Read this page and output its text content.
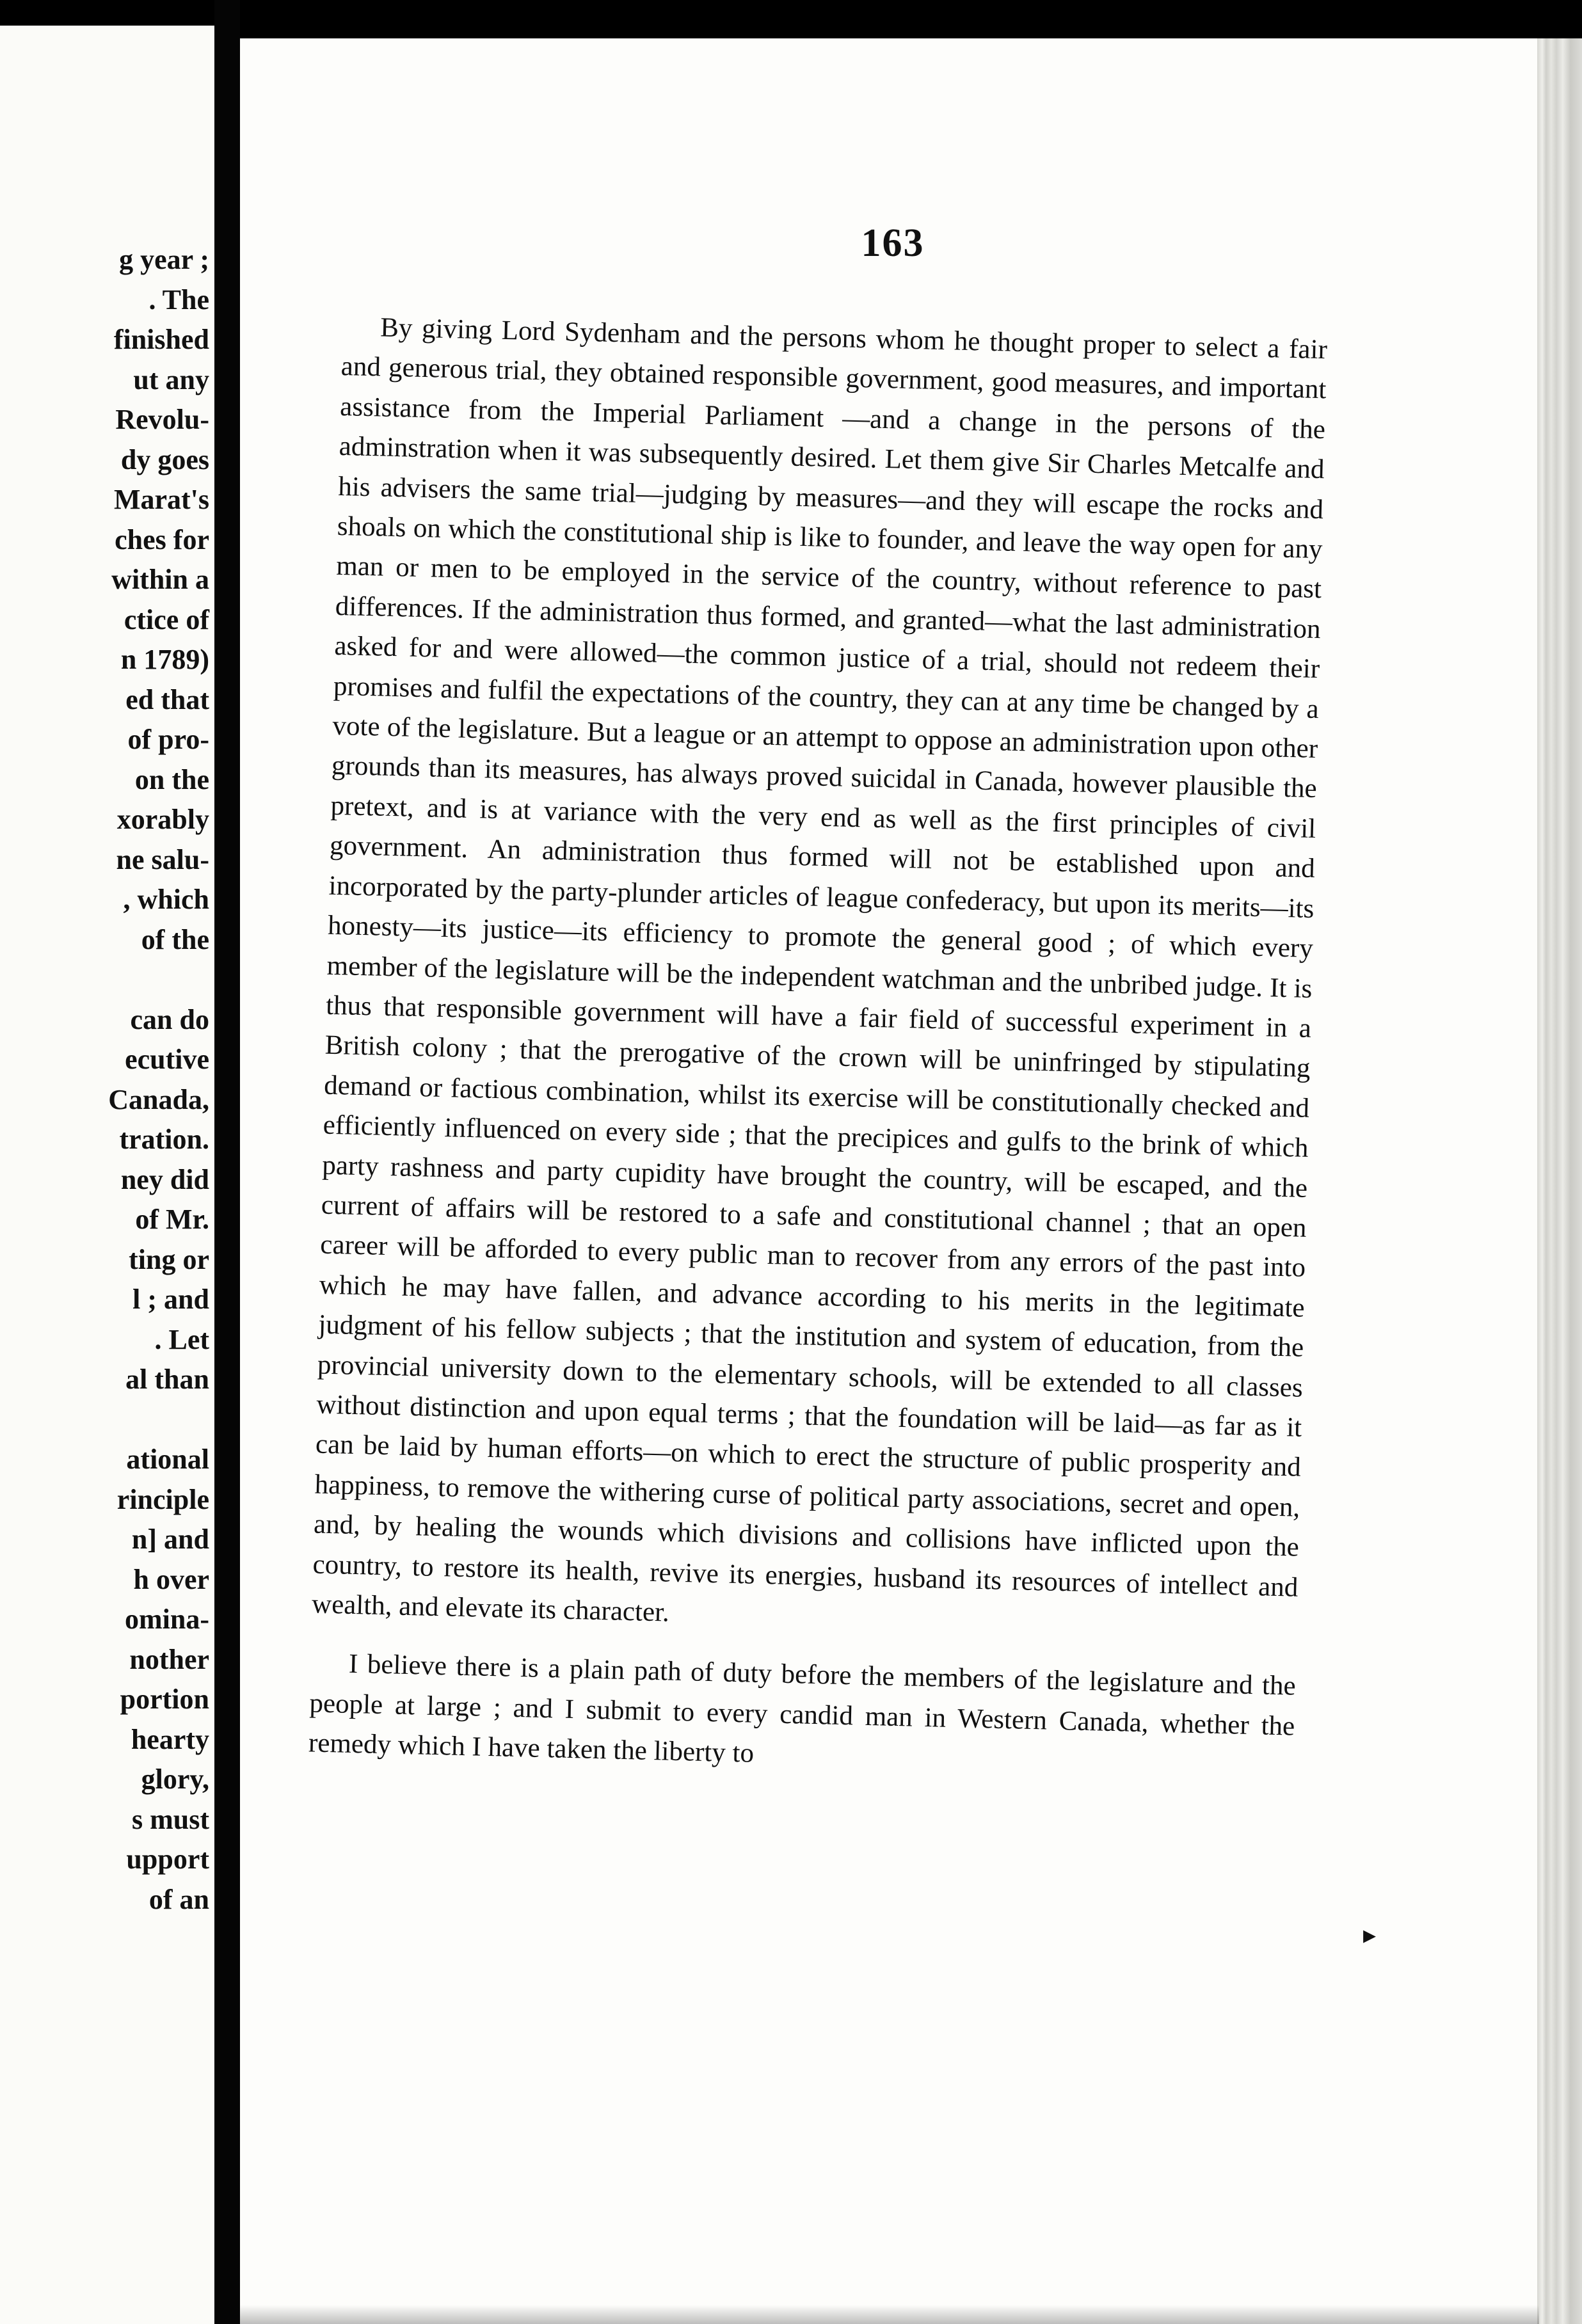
g year ;
. The
finished
ut any
Revolu-
dy goes
Marat's
ches for
within a
ctice of
n 1789)
ed that
of pro-
on the
xorably
ne salu-
, which
of the
can do
ecutive
Canada,
tration.
ney did
of Mr.
ting or
l ; and
. Let
al than
ational
rinciple
n] and
h over
omina-
nother
portion
hearty
glory,
s must
upport
of an
163

By giving Lord Sydenham and the persons whom he thought proper to select a fair and generous trial, they obtained responsible government, good measures, and important assistance from the Imperial Parliament —and a change in the persons of the adminstration when it was subsequently desired. Let them give Sir Charles Metcalfe and his advisers the same trial—judging by measures—and they will escape the rocks and shoals on which the constitutional ship is like to founder, and leave the way open for any man or men to be employed in the service of the country, without reference to past differences. If the administration thus formed, and granted—what the last administration asked for and were allowed—the common justice of a trial, should not redeem their promises and fulfil the expectations of the country, they can at any time be changed by a vote of the legislature. But a league or an attempt to oppose an administration upon other grounds than its measures, has always proved suicidal in Canada, however plausible the pretext, and is at variance with the very end as well as the first principles of civil government. An administration thus formed will not be established upon and incorporated by the party-plunder articles of league confederacy, but upon its merits—its honesty—its justice—its efficiency to promote the general good ; of which every member of the legislature will be the independent watchman and the unbribed judge. It is thus that responsible government will have a fair field of successful experiment in a British colony ; that the prerogative of the crown will be uninfringed by stipulating demand or factious combination, whilst its exercise will be constitutionally checked and efficiently influenced on every side ; that the precipices and gulfs to the brink of which party rashness and party cupidity have brought the country, will be escaped, and the current of affairs will be restored to a safe and constitutional channel ; that an open career will be afforded to every public man to recover from any errors of the past into which he may have fallen, and advance according to his merits in the legitimate judgment of his fellow subjects ; that the institution and system of education, from the provincial university down to the elementary schools, will be extended to all classes without distinction and upon equal terms ; that the foundation will be laid—as far as it can be laid by human efforts—on which to erect the structure of public prosperity and happiness, to remove the withering curse of political party associations, secret and open, and, by healing the wounds which divisions and collisions have inflicted upon the country, to restore its health, revive its energies, husband its resources of intellect and wealth, and elevate its character.

I believe there is a plain path of duty before the members of the legislature and the people at large ; and I submit to every candid man in Western Canada, whether the remedy which I have taken the liberty to

▸
